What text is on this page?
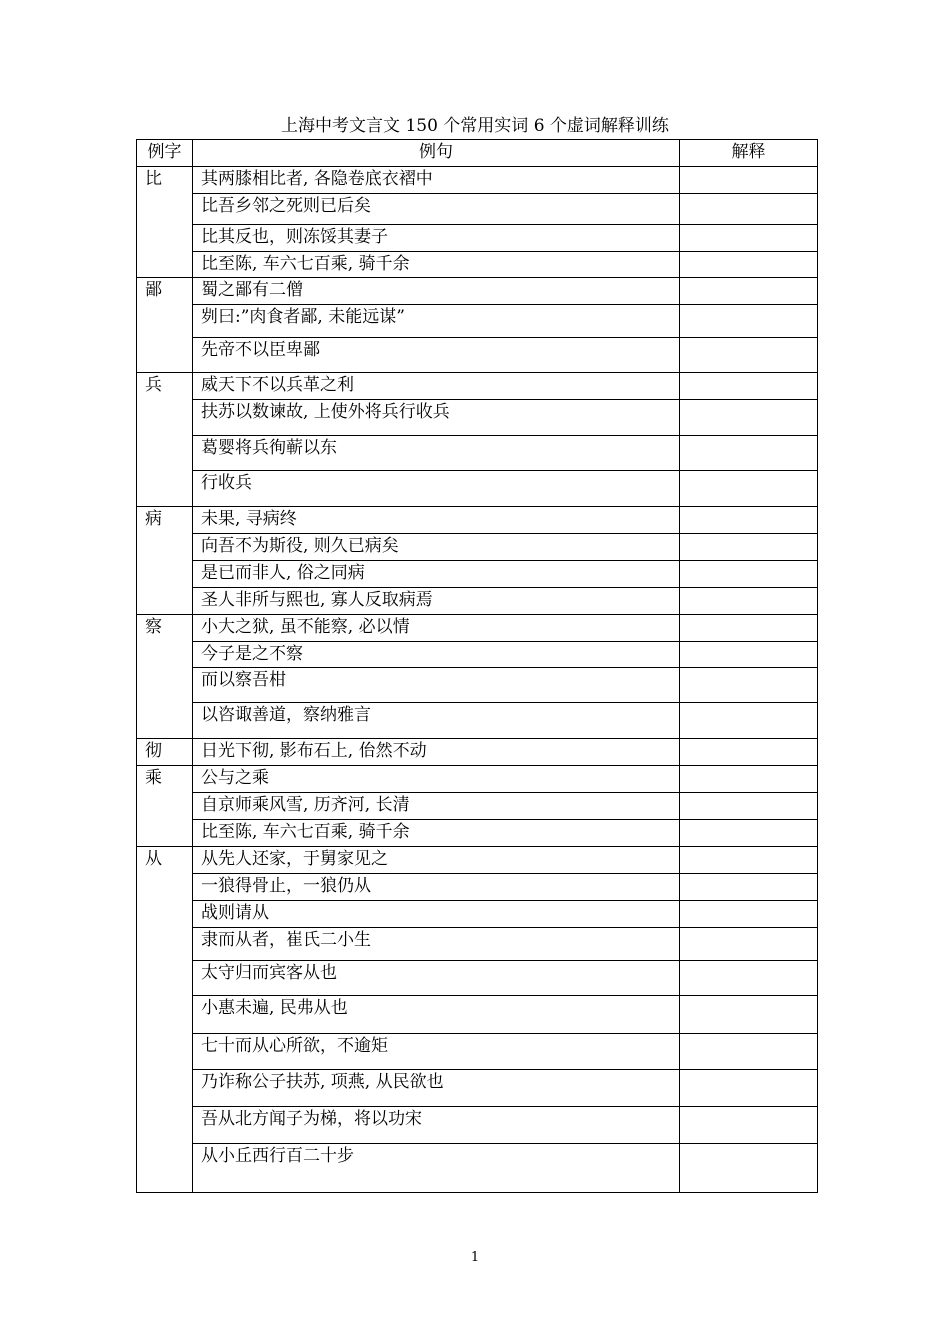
上海中考文言文 150 个常用实词 6 个虚词解释训练
例字	例句	解释
比	其两膝相比者, 各隐卷底衣褶中	
	比吾乡邻之死则已后矣	
	比其反也，则冻馁其妻子	
	比至陈, 车六七百乘, 骑千余	
鄙	蜀之鄙有二僧	
	刿曰:”肉食者鄙, 未能远谋”	
	先帝不以臣卑鄙	
兵	威天下不以兵革之利	
	扶苏以数谏故, 上使外将兵行收兵	
	葛婴将兵徇蕲以东	
	行收兵	
病	未果, 寻病终	
	向吾不为斯役, 则久已病矣	
	是已而非人, 俗之同病	
	圣人非所与熙也, 寡人反取病焉	
察	小大之狱, 虽不能察, 必以情	
	今子是之不察	
	而以察吾柑	
	以咨诹善道，察纳雅言	
彻	日光下彻, 影布石上, 佁然不动	
乘	公与之乘	
	自京师乘风雪, 历齐河, 长清	
	比至陈, 车六七百乘, 骑千余	
从	从先人还家，于舅家见之	
	一狼得骨止，一狼仍从	
	战则请从	
	隶而从者，崔氏二小生	
	太守归而宾客从也	
	小惠未遍, 民弗从也	
	七十而从心所欲，不逾矩	
	乃诈称公子扶苏, 项燕, 从民欲也	
	吾从北方闻子为梯，将以功宋	
	从小丘西行百二十步	
1
